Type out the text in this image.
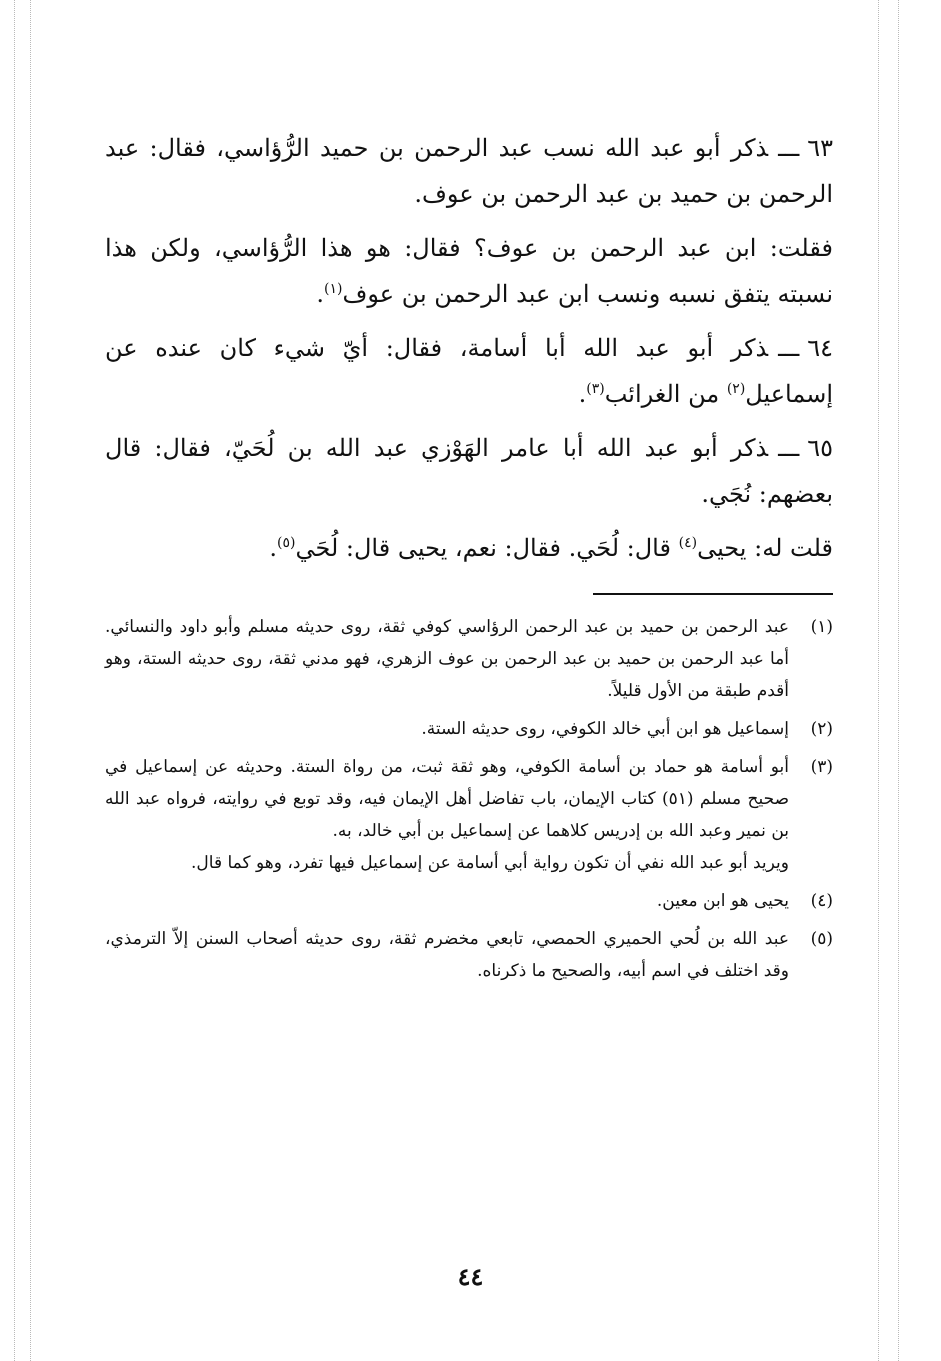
٦٣ـــذكر أبو عبد الله نسب عبد الرحمن بن حميد الرُّؤاسي، فقال: عبد الرحمن بن حميد بن عبد الرحمن بن عوف.

فقلت: ابن عبد الرحمن بن عوف؟ فقال: هو هذا الرُّؤاسي، ولكن هذا نسبته يتفق نسبه ونسب ابن عبد الرحمن بن عوف$^{(١)}$.

٦٤ـــذكر أبو عبد الله أبا أسامة، فقال: أيّ شيء كان عنده عن إسماعيل$^{(٢)}$ من الغرائب$^{(٣)}$.

٦٥ـــذكر أبو عبد الله أبا عامر الهَوْزي عبد الله بن لُحَيّ، فقال: قال بعضهم: نُجَي.

قلت له: يحيى$^{(٤)}$ قال: لُحَي. فقال: نعم، يحيى قال: لُحَي$^{(٥)}$.

(١)

عبد الرحمن بن حميد بن عبد الرحمن الرؤاسي كوفي ثقة، روى حديثه مسلم وأبو داود والنسائي. أما عبد الرحمن بن حميد بن عبد الرحمن بن عوف الزهري، فهو مدني ثقة، روى حديثه الستة، وهو أقدم طبقة من الأول قليلاً.

(٢)

إسماعيل هو ابن أبي خالد الكوفي، روى حديثه الستة.

(٣)

أبو أسامة هو حماد بن أسامة الكوفي، وهو ثقة ثبت، من رواة الستة. وحديثه عن إسماعيل في صحيح مسلم (٥١) كتاب الإيمان، باب تفاضل أهل الإيمان فيه، وقد توبع في روايته، فرواه عبد الله بن نمير وعبد الله بن إدريس كلاهما عن إسماعيل بن أبي خالد، به.

ويريد أبو عبد الله نفي أن تكون رواية أبي أسامة عن إسماعيل فيها تفرد، وهو كما قال.

(٤)

يحيى هو ابن معين.

(٥)

عبد الله بن لُحي الحميري الحمصي، تابعي مخضرم ثقة، روى حديثه أصحاب السنن إلاّ الترمذي، وقد اختلف في اسم أبيه، والصحيح ما ذكرناه.

٤٤
